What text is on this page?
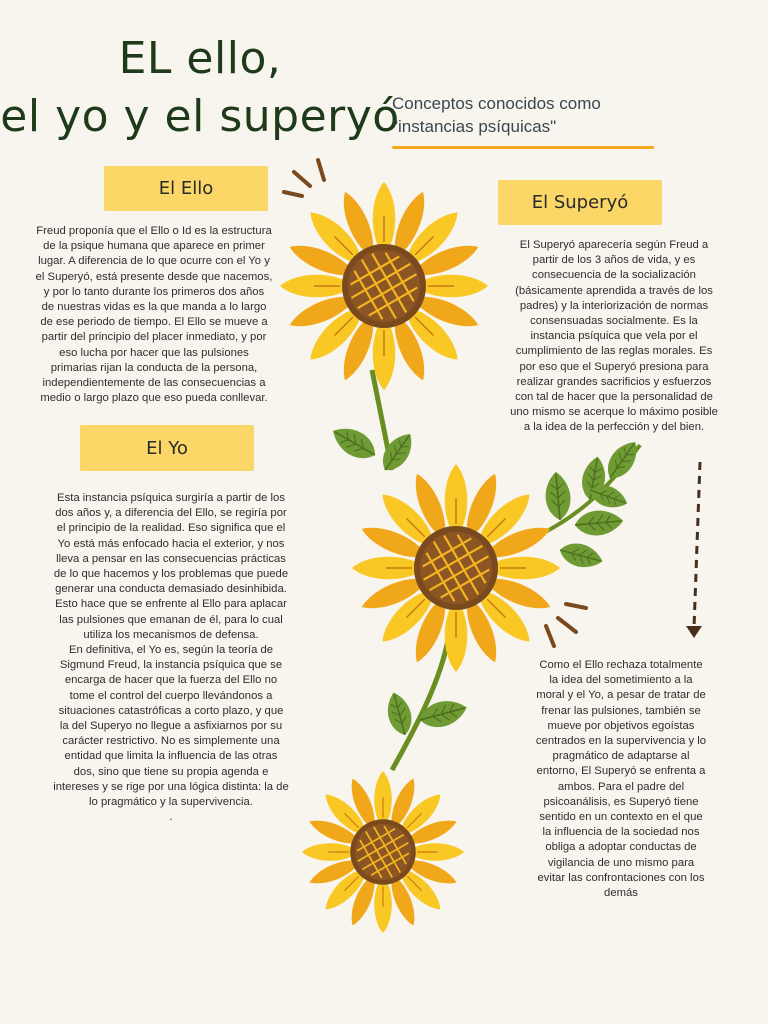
EL ello,
el yo y el superyó
Conceptos conocidos como
"instancias psíquicas"
El Ello
El Superyó
El Yo
Freud proponía que el Ello o Id es la estructura
de la psique humana que aparece en primer
lugar. A diferencia de lo que ocurre con el Yo y
el Superyó, está presente desde que nacemos,
y por lo tanto durante los primeros dos años
de nuestras vidas es la que manda a lo largo
de ese periodo de tiempo. El Ello se mueve a
partir del principio del placer inmediato, y por
eso lucha por hacer que las pulsiones
primarias rijan la conducta de la persona,
independientemente de las consecuencias a
medio o largo plazo que eso pueda conllevar.
El Superyó aparecería según Freud a
partir de los 3 años de vida, y es
consecuencia de la socialización
(básicamente aprendida a través de los
padres) y la interiorización de normas
consensuadas socialmente. Es la
instancia psíquica que vela por el
cumplimiento de las reglas morales. Es
por eso que el Superyó presiona para
realizar grandes sacrificios y esfuerzos
con tal de hacer que la personalidad de
uno mismo se acerque lo máximo posible
a la idea de la perfección y del bien.
Esta instancia psíquica surgiría a partir de los
dos años y, a diferencia del Ello, se regiría por
el principio de la realidad. Eso significa que el
Yo está más enfocado hacia el exterior, y nos
lleva a pensar en las consecuencias prácticas
de lo que hacemos y los problemas que puede
generar una conducta demasiado desinhibida.
Esto hace que se enfrente al Ello para aplacar
las pulsiones que emanan de él, para lo cual
utiliza los mecanismos de defensa.
En definitiva, el Yo es, según la teoría de
Sigmund Freud, la instancia psíquica que se
encarga de hacer que la fuerza del Ello no
tome el control del cuerpo llevándonos a
situaciones catastróficas a corto plazo, y que
la del Superyo no llegue a asfixiarnos por su
carácter restrictivo. No es simplemente una
entidad que limita la influencia de las otras
dos, sino que tiene su propia agenda e
intereses y se rige por una lógica distinta: la de
lo pragmático y la supervivencia.
.
Como el Ello rechaza totalmente
la idea del sometimiento a la
moral y el Yo, a pesar de tratar de
frenar las pulsiones, también se
mueve por objetivos egoístas
centrados en la supervivencia y lo
pragmático de adaptarse al
entorno, El Superyó se enfrenta a
ambos. Para el padre del
psicoanálisis, es Superyó tiene
sentido en un contexto en el que
la influencia de la sociedad nos
obliga a adoptar conductas de
vigilancia de uno mismo para
evitar las confrontaciones con los
demás
